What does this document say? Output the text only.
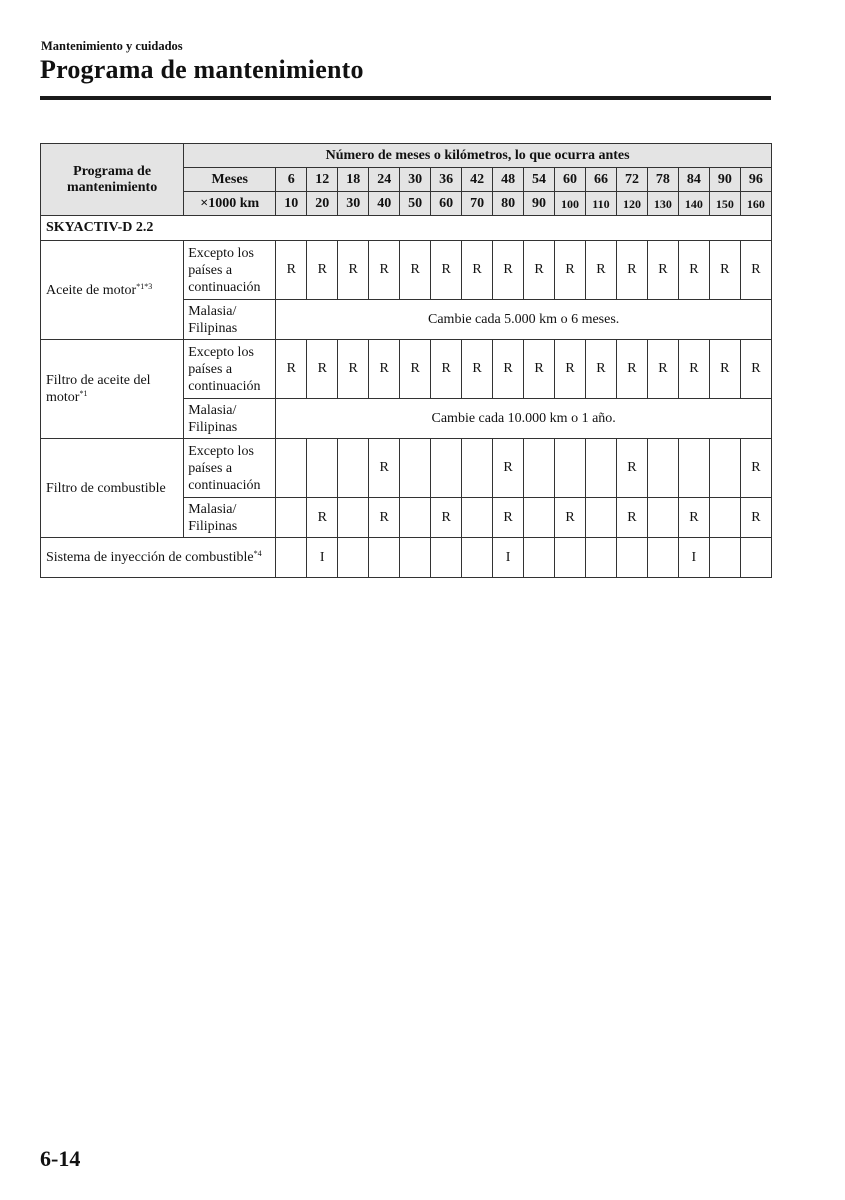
Mantenimiento y cuidados
Programa de mantenimiento
Programa de mantenimiento	Número de meses o kilómetros, lo que ocurra antes																
	Meses	6	12	18	24	30	36	42	48	54	60	66	72	78	84	90	96
	×1000 km	10	20	30	40	50	60	70	80	90	100	110	120	130	140	150	160
SKYACTIV-D 2.2																	
Aceite de motor$^{*1*3}$	Excepto los países a continuación	R	R	R	R	R	R	R	R	R	R	R	R	R	R	R	R
	Malasia/ Filipinas	Cambie cada 5.000 km o 6 meses.															
Filtro de aceite del motor$^{*1}$	Excepto los países a continuación	R	R	R	R	R	R	R	R	R	R	R	R	R	R	R	R
	Malasia/ Filipinas	Cambie cada 10.000 km o 1 año.															
Filtro de combustible	Excepto los países a continuación				R				R				R				R
	Malasia/ Filipinas		R		R		R		R		R		R		R		R
Sistema de inyección de combustible$^{*4}$			I						I						I		
6-14
